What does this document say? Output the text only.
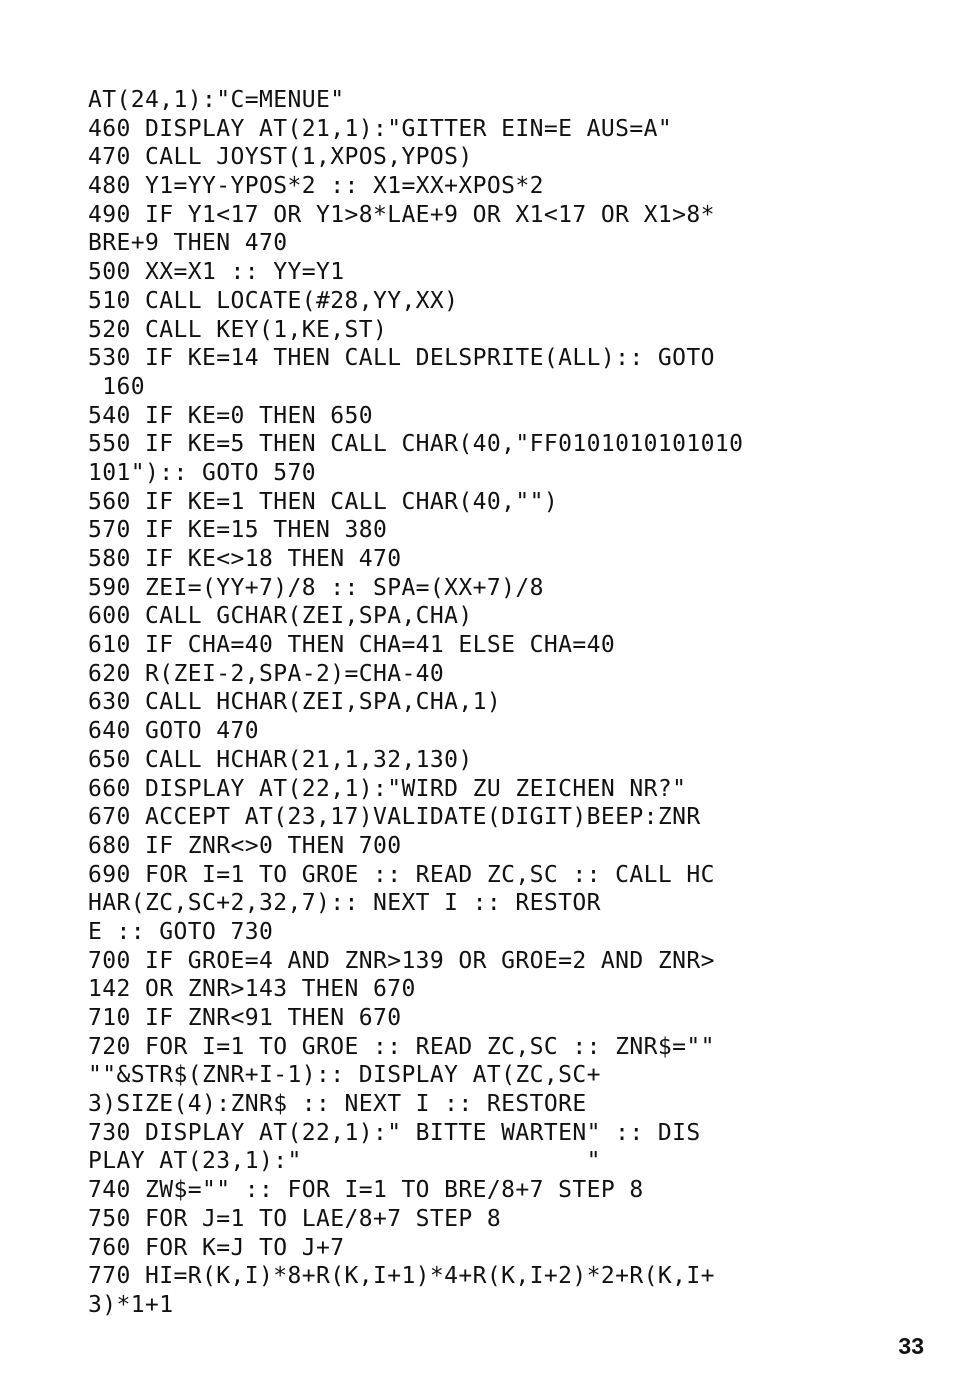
AT(24,1):"C=MENUE"
460 DISPLAY AT(21,1):"GITTER EIN=E AUS=A"
470 CALL JOYST(1,XPOS,YPOS)
480 Y1=YY-YPOS*2 :: X1=XX+XPOS*2
490 IF Y1<17 OR Y1>8*LAE+9 OR X1<17 OR X1>8*
BRE+9 THEN 470
500 XX=X1 :: YY=Y1
510 CALL LOCATE(#28,YY,XX)
520 CALL KEY(1,KE,ST)
530 IF KE=14 THEN CALL DELSPRITE(ALL):: GOTO
160
540 IF KE=0 THEN 650
550 IF KE=5 THEN CALL CHAR(40,"FF0101010101010
101"):: GOTO 570
560 IF KE=1 THEN CALL CHAR(40,"")
570 IF KE=15 THEN 380
580 IF KE<>18 THEN 470
590 ZEI=(YY+7)/8 :: SPA=(XX+7)/8
600 CALL GCHAR(ZEI,SPA,CHA)
610 IF CHA=40 THEN CHA=41 ELSE CHA=40
620 R(ZEI-2,SPA-2)=CHA-40
630 CALL HCHAR(ZEI,SPA,CHA,1)
640 GOTO 470
650 CALL HCHAR(21,1,32,130)
660 DISPLAY AT(22,1):"WIRD ZU ZEICHEN NR?"
670 ACCEPT AT(23,17)VALIDATE(DIGIT)BEEP:ZNR
680 IF ZNR<>0 THEN 700
690 FOR I=1 TO GROE :: READ ZC,SC :: CALL HC
HAR(ZC,SC+2,32,7):: NEXT I :: RESTOR
E :: GOTO 730
700 IF GROE=4 AND ZNR>139 OR GROE=2 AND ZNR>
142 OR ZNR>143 THEN 670
710 IF ZNR<91 THEN 670
720 FOR I=1 TO GROE :: READ ZC,SC :: ZNR$=""
""&STR$(ZNR+I-1):: DISPLAY AT(ZC,SC+
3)SIZE(4):ZNR$ :: NEXT I :: RESTORE
730 DISPLAY AT(22,1):" BITTE WARTEN" :: DIS
PLAY AT(23,1):"                    "
740 ZW$="" :: FOR I=1 TO BRE/8+7 STEP 8
750 FOR J=1 TO LAE/8+7 STEP 8
760 FOR K=J TO J+7
770 HI=R(K,I)*8+R(K,I+1)*4+R(K,I+2)*2+R(K,I+
3)*1+1
33
